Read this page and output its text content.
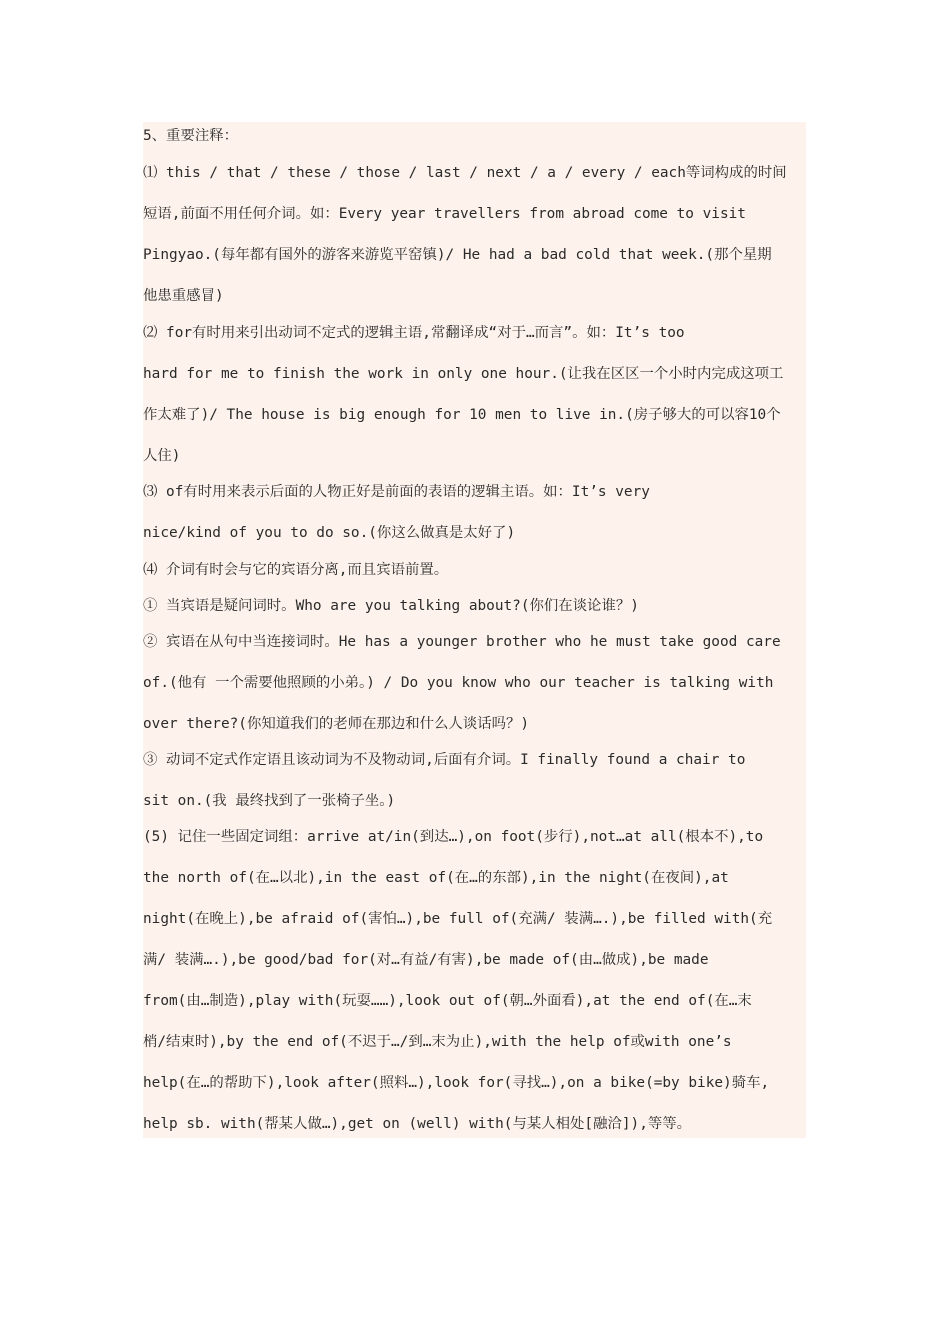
5、重要注释：

⑴ this / that / these / those / last / next / a / every / each等词构成的时间

短语,前面不用任何介词。如：Every year travellers from abroad come to visit

Pingyao.(每年都有国外的游客来游览平窑镇)/ He had a bad cold that week.(那个星期

他患重感冒)

⑵ for有时用来引出动词不定式的逻辑主语,常翻译成“对于…而言”。如：It’s too

hard for me to finish the work in only one hour.(让我在区区一个小时内完成这项工

作太难了)/ The house is big enough for 10 men to live in.(房子够大的可以容10个

人住)

⑶ of有时用来表示后面的人物正好是前面的表语的逻辑主语。如：It’s very

nice/kind of you to do so.(你这么做真是太好了)

⑷ 介词有时会与它的宾语分离,而且宾语前置。

① 当宾语是疑问词时。Who are you talking about?(你们在谈论谁？)

② 宾语在从句中当连接词时。He has a younger brother who he must take good care

of.(他有 一个需要他照顾的小弟。) / Do you know who our teacher is talking with

over there?(你知道我们的老师在那边和什么人谈话吗？)

③ 动词不定式作定语且该动词为不及物动词,后面有介词。I finally found a chair to

sit on.(我 最终找到了一张椅子坐。)

(5) 记住一些固定词组：arrive at/in(到达…),on foot(步行),not…at all(根本不),to

the north of(在…以北),in the east of(在…的东部),in the night(在夜间),at

night(在晚上),be afraid of(害怕…),be full of(充满/ 装满….),be filled with(充

满/ 装满….),be good/bad for(对…有益/有害),be made of(由…做成),be made

from(由…制造),play with(玩耍……),look out of(朝…外面看),at the end of(在…末

梢/结束时),by the end of(不迟于…/到…末为止),with the help of或with one’s

help(在…的帮助下),look after(照料…),look for(寻找…),on a bike(=by bike)骑车,

help sb. with(帮某人做…),get on (well) with(与某人相处[融洽]),等等。
